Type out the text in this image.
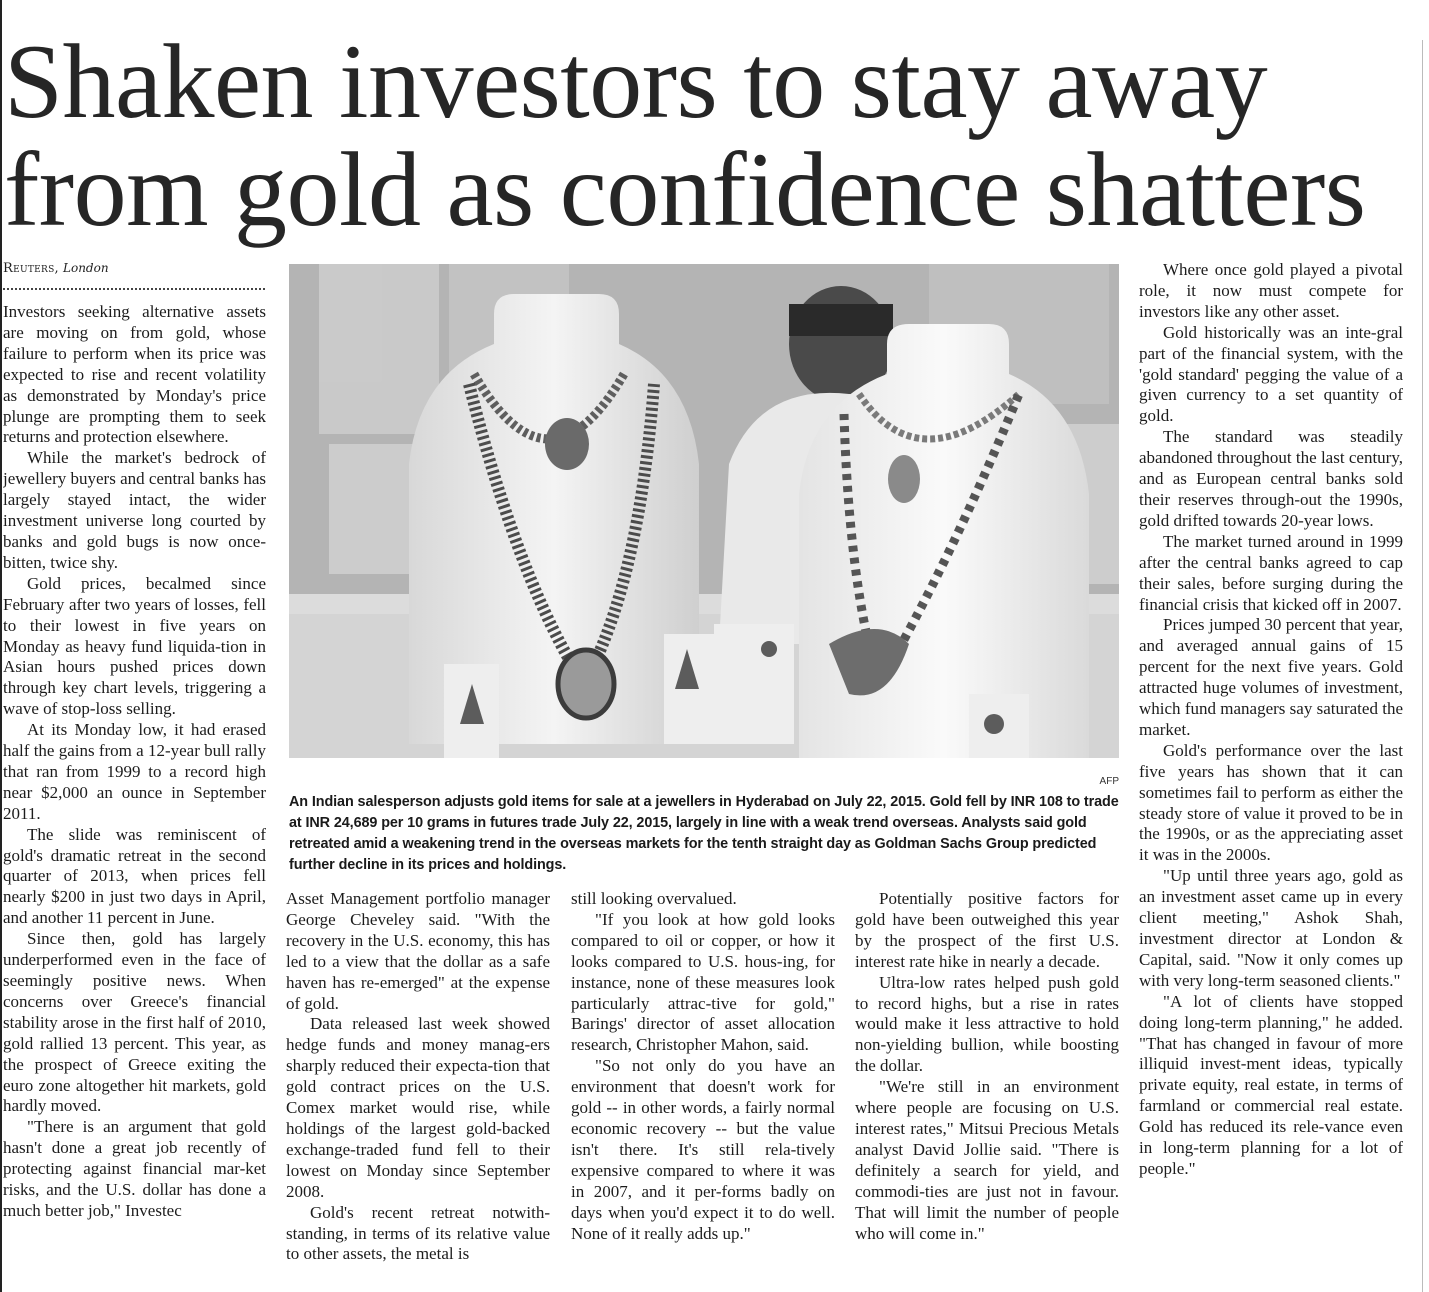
Shaken investors to stay away
from gold as confidence shatters
Reuters, London
AFP
An Indian salesperson adjusts gold items for sale at a jewellers in Hyderabad on July 22, 2015. Gold fell by INR 108 to trade at INR 24,689 per 10 grams in futures trade July 22, 2015, largely in line with a weak trend overseas. Analysts said gold retreated amid a weakening trend in the overseas markets for the tenth straight day as Goldman Sachs Group predicted further decline in its prices and holdings.

Investors seeking alternative assets are moving on from gold, whose failure to perform when its price was expected to rise and recent volatility as demonstrated by Monday's price plunge are prompting them to seek returns and protection elsewhere.

While the market's bedrock of jewellery buyers and central banks has largely stayed intact, the wider investment universe long courted by banks and gold bugs is now once-bitten, twice shy.

Gold prices, becalmed since February after two years of losses, fell to their lowest in five years on Monday as heavy fund liquida-tion in Asian hours pushed prices down through key chart levels, triggering a wave of stop-loss selling.

At its Monday low, it had erased half the gains from a 12-year bull rally that ran from 1999 to a record high near $2,000 an ounce in September 2011.

The slide was reminiscent of gold's dramatic retreat in the second quarter of 2013, when prices fell nearly $200 in just two days in April, and another 11 percent in June.

Since then, gold has largely underperformed even in the face of seemingly positive news. When concerns over Greece's financial stability arose in the first half of 2010, gold rallied 13 percent. This year, as the prospect of Greece exiting the euro zone altogether hit markets, gold hardly moved.

"There is an argument that gold hasn't done a great job recently of protecting against financial mar-ket risks, and the U.S. dollar has done a much better job," Investec

Asset Management portfolio manager George Cheveley said. "With the recovery in the U.S. economy, this has led to a view that the dollar as a safe haven has re-emerged" at the expense of gold.

Data released last week showed hedge funds and money manag-ers sharply reduced their expecta-tion that gold contract prices on the U.S. Comex market would rise, while holdings of the largest gold-backed exchange-traded fund fell to their lowest on Monday since September 2008.

Gold's recent retreat notwith-standing, in terms of its relative value to other assets, the metal is

still looking overvalued.

"If you look at how gold looks compared to oil or copper, or how it looks compared to U.S. hous-ing, for instance, none of these measures look particularly attrac-tive for gold," Barings' director of asset allocation research, Christopher Mahon, said.

"So not only do you have an environment that doesn't work for gold -- in other words, a fairly normal economic recovery -- but the value isn't there. It's still rela-tively expensive compared to where it was in 2007, and it per-forms badly on days when you'd expect it to do well. None of it really adds up."

Potentially positive factors for gold have been outweighed this year by the prospect of the first U.S. interest rate hike in nearly a decade.

Ultra-low rates helped push gold to record highs, but a rise in rates would make it less attractive to hold non-yielding bullion, while boosting the dollar.

"We're still in an environment where people are focusing on U.S. interest rates," Mitsui Precious Metals analyst David Jollie said. "There is definitely a search for yield, and commodi-ties are just not in favour. That will limit the number of people who will come in."

Where once gold played a pivotal role, it now must compete for investors like any other asset.

Gold historically was an inte-gral part of the financial system, with the 'gold standard' pegging the value of a given currency to a set quantity of gold.

The standard was steadily abandoned throughout the last century, and as European central banks sold their reserves through-out the 1990s, gold drifted towards 20-year lows.

The market turned around in 1999 after the central banks agreed to cap their sales, before surging during the financial crisis that kicked off in 2007.

Prices jumped 30 percent that year, and averaged annual gains of 15 percent for the next five years. Gold attracted huge volumes of investment, which fund managers say saturated the market.

Gold's performance over the last five years has shown that it can sometimes fail to perform as either the steady store of value it proved to be in the 1990s, or as the appreciating asset it was in the 2000s.

"Up until three years ago, gold as an investment asset came up in every client meeting," Ashok Shah, investment director at London & Capital, said. "Now it only comes up with very long-term seasoned clients."

"A lot of clients have stopped doing long-term planning," he added. "That has changed in favour of more illiquid invest-ment ideas, typically private equity, real estate, in terms of farmland or commercial real estate. Gold has reduced its rele-vance even in long-term planning for a lot of people."
